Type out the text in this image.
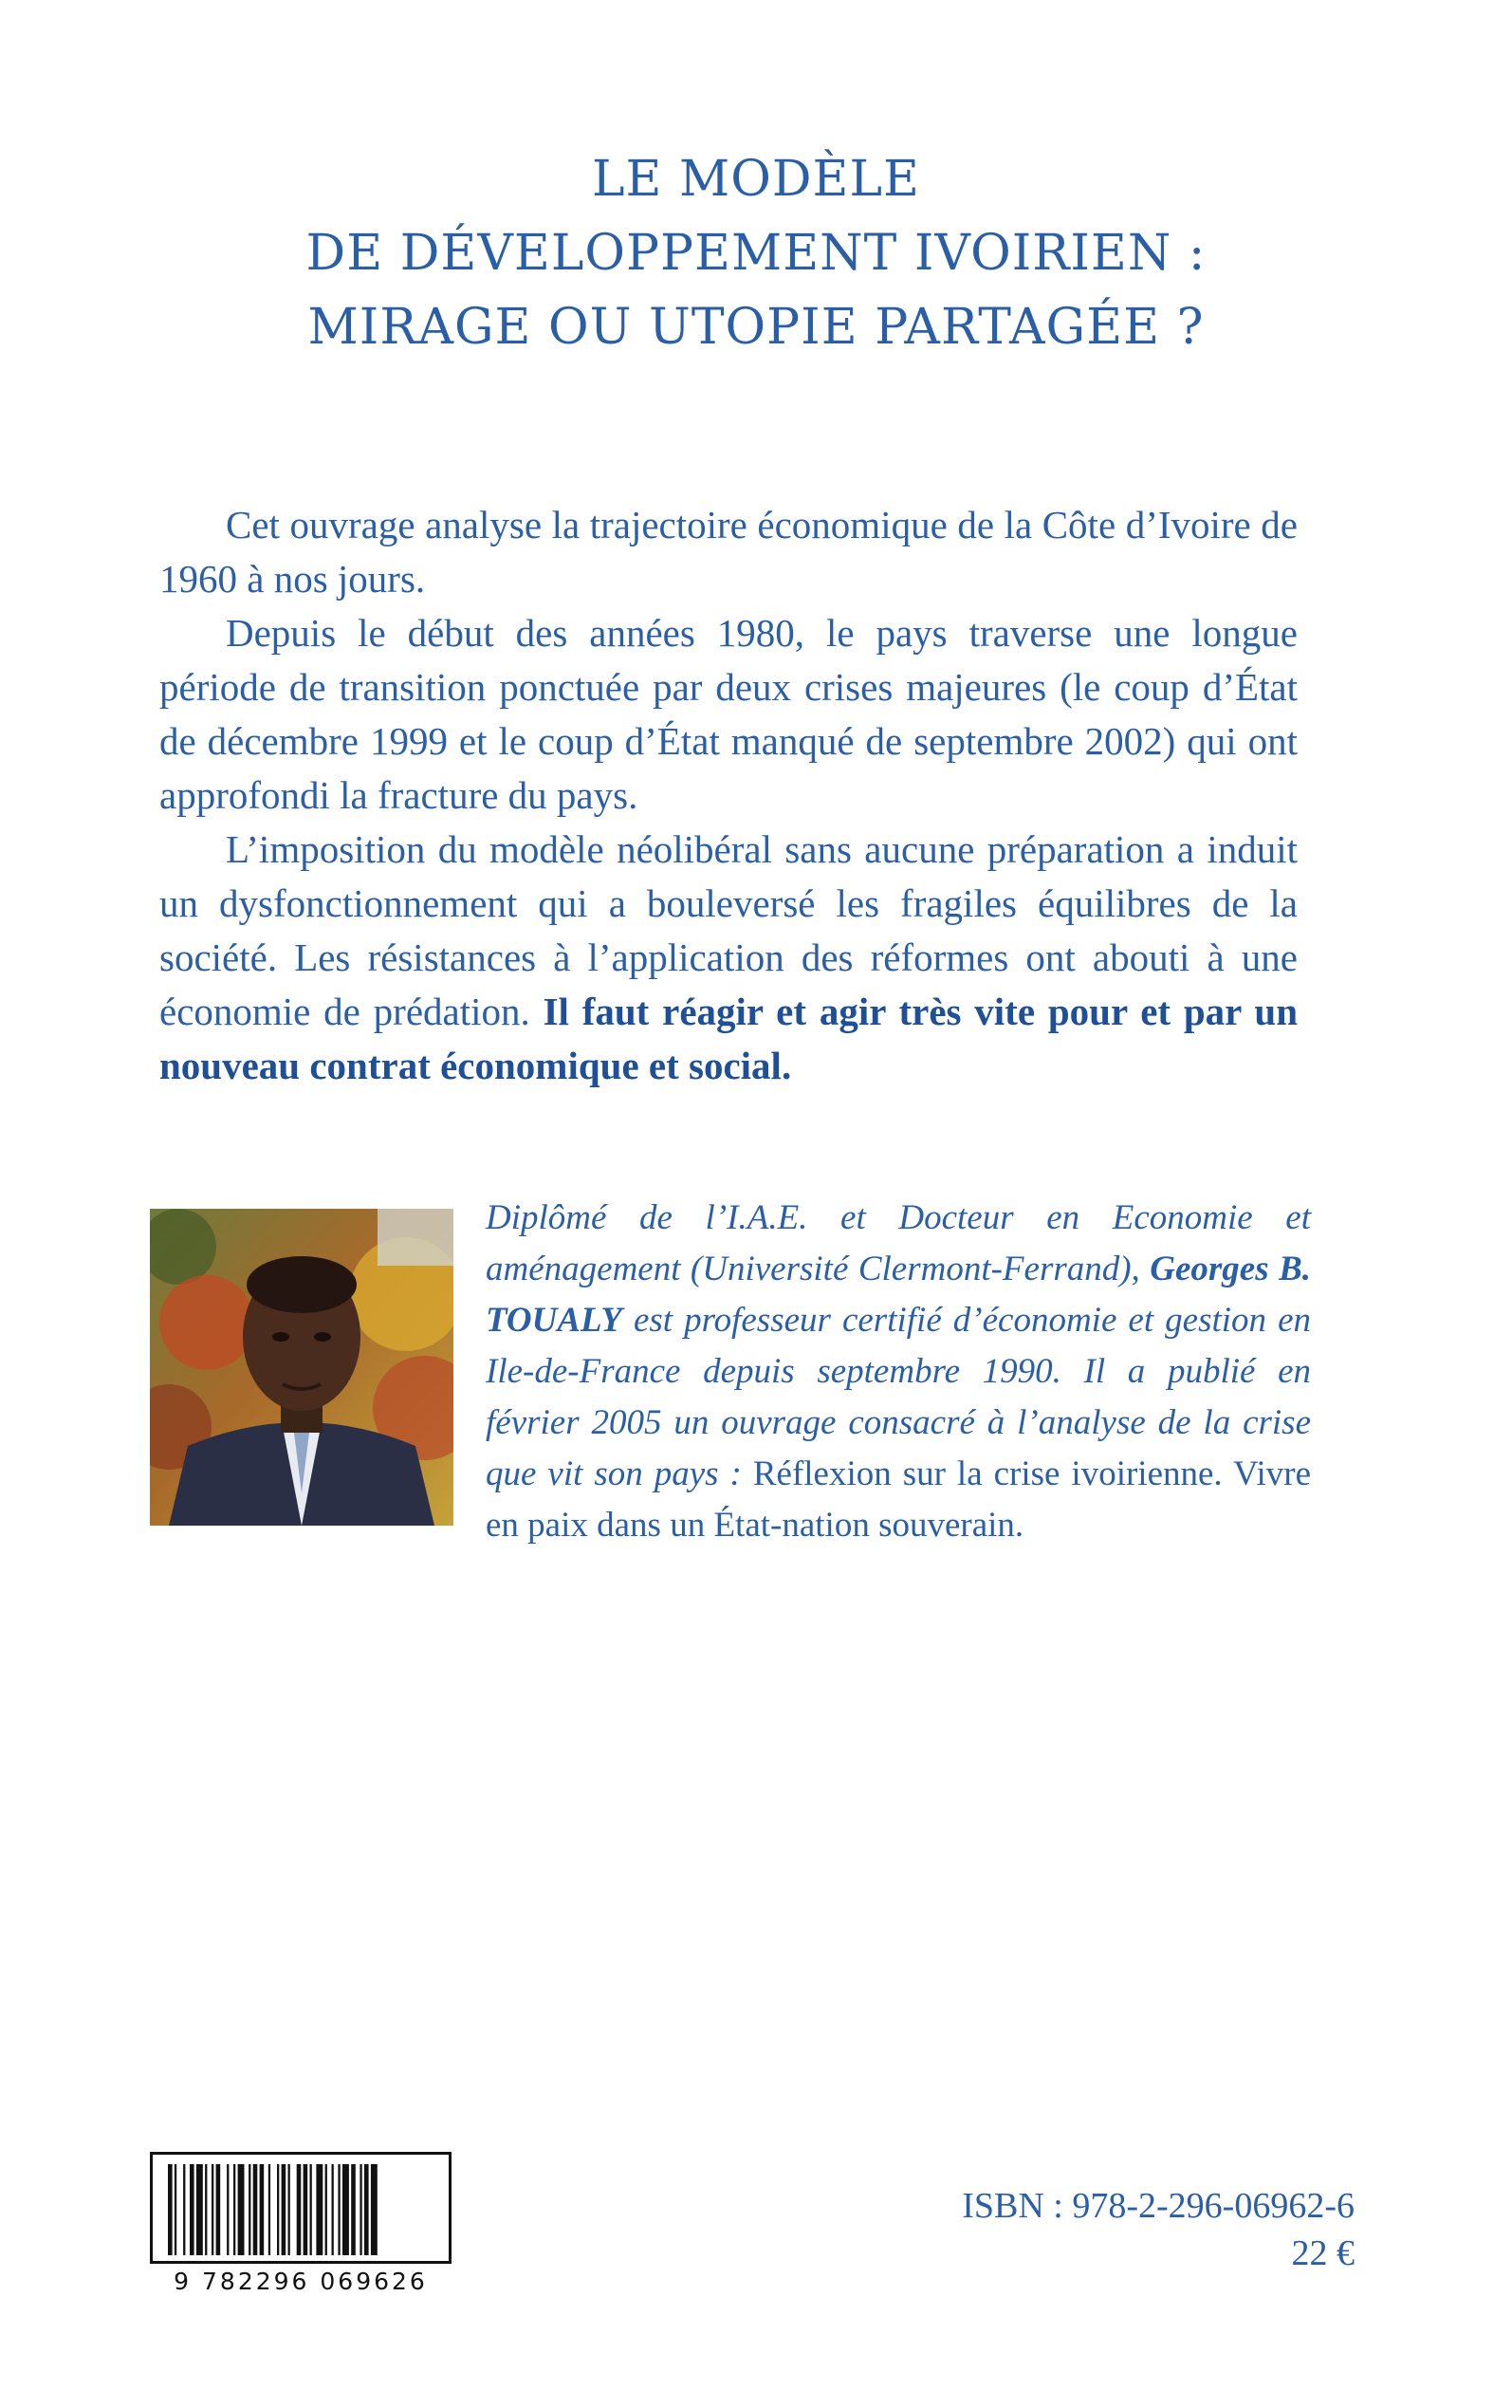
LE MODÈLE
DE DÉVELOPPEMENT IVOIRIEN :
MIRAGE OU UTOPIE PARTAGÉE ?

Cet ouvrage analyse la trajectoire économique de la Côte d’Ivoire de 1960 à nos jours.

Depuis le début des années 1980, le pays traverse une longue période de transition ponctuée par deux crises majeures (le coup d’État de décembre 1999 et le coup d’État manqué de septembre 2002) qui ont approfondi la fracture du pays.

L’imposition du modèle néolibéral sans aucune préparation a induit un dysfonctionnement qui a bouleversé les fragiles équilibres de la société. Les résistances à l’application des réformes ont abouti à une économie de prédation. Il faut réagir et agir très vite pour et par un nouveau contrat économique et social.

Diplômé de l’I.A.E. et Docteur en Economie et aménagement (Université Clermont-Ferrand), Georges B. TOUALY est professeur certifié d’économie et gestion en Ile-de-France depuis septembre 1990. Il a publié en février 2005 un ouvrage consacré à l’analyse de la crise que vit son pays : Réflexion sur la crise ivoirienne. Vivre en paix dans un État-nation souverain.
9 782296 069626
ISBN : 978-2-296-06962-6
22 €
